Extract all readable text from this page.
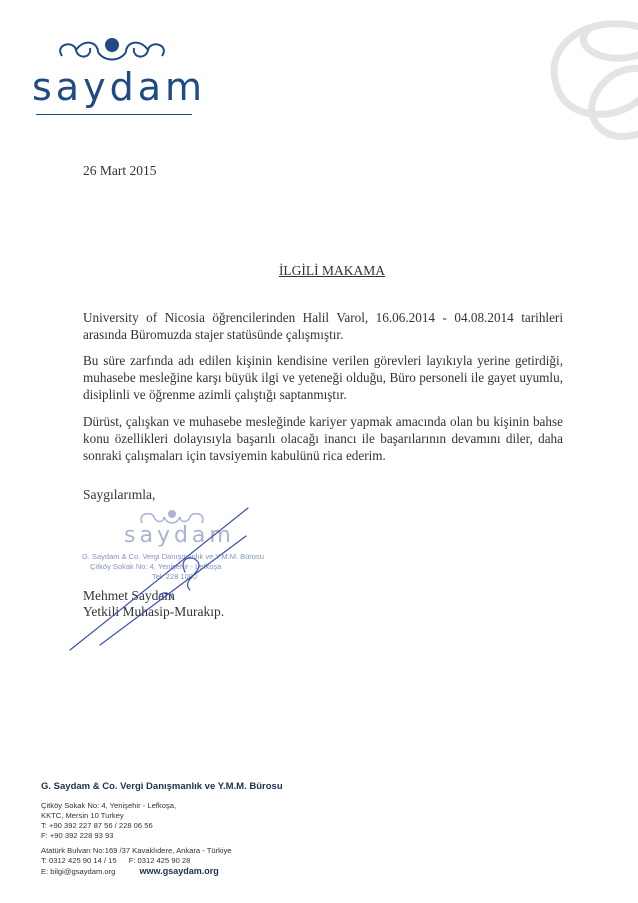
saydam
26 Mart 2015
İLGİLİ MAKAMA
University of Nicosia öğrencilerinden Halil Varol, 16.06.2014 - 04.08.2014 tarihleri arasında Büromuzda stajer statüsünde çalışmıştır.
Bu süre zarfında adı edilen kişinin kendisine verilen görevleri layıkıyla yerine getirdiği, muhasebe mesleğine karşı büyük ilgi ve yeteneği olduğu, Büro personeli ile gayet uyumlu, disiplinli ve öğrenme azimli çalıştığı saptanmıştır.
Dürüst, çalışkan ve muhasebe mesleğinde kariyer yapmak amacında olan bu kişinin bahse konu özellikleri dolayısıyla başarılı olacağı inancı ile başarılarının devamını diler, daha sonraki çalışmaları için tavsiyemin kabulünü rica ederim.
Saygılarımla,
saydam
G. Saydam & Co. Vergi Danışmanlık ve Y.M.M. Bürosu
Çitköy Sokak No: 4, Yenişehir - Lefkoşa
Tel: 228 1000
Mehmet Saydam
Yetkili Muhasip-Murakıp.
G. Saydam & Co. Vergi Danışmanlık ve Y.M.M. Bürosu
Çitköy Sokak No: 4, Yenişehir - Lefkoşa,
KKTC, Mersin 10 Turkey
T: +90 392 227 87 56 / 228 06 56
F: +90 392 228 93 93
Atatürk Bulvarı No:169 /37 Kavaklıdere, Ankara - Türkiye
T: 0312 425 90 14 / 15 F: 0312 425 90 28
E: bilgi@gsaydam.org	www.gsaydam.org
